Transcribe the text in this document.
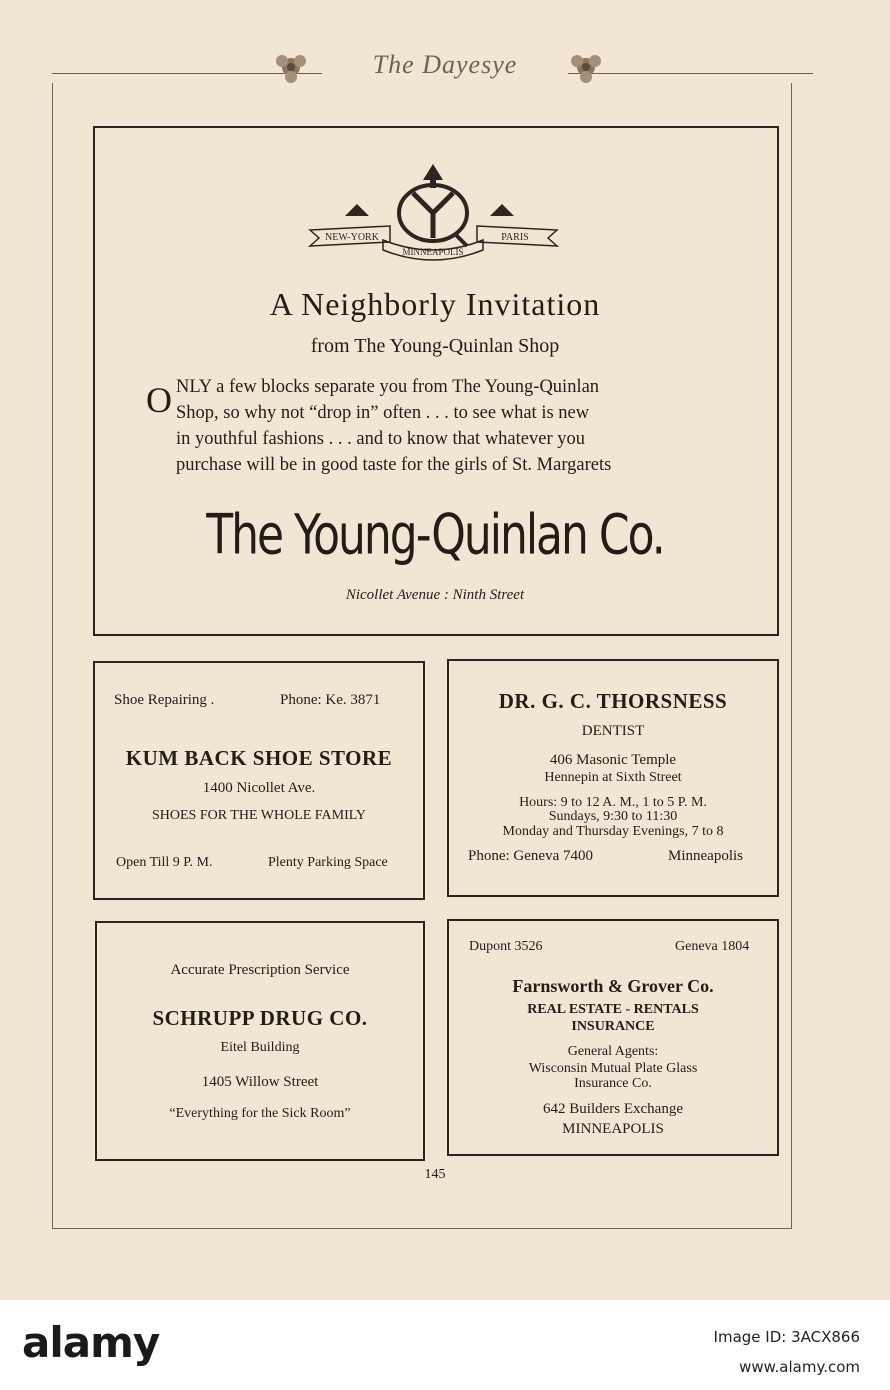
The Dayesye
NEW-YORK	PARIS
MINNEAPOLIS
YQ
A Neighborly Invitation
from The Young-Quinlan Shop
O NLY a few blocks separate you from The Young-Quinlan
Shop, so why not “drop in” often . . . to see what is new
in youthful fashions . . . and to know that whatever you
purchase will be in good taste for the girls of St. Margarets
The Young-Quinlan Co.
Nicollet Avenue : Ninth Street
Shoe Repairing .	Phone: Ke. 3871
KUM BACK SHOE STORE
1400 Nicollet Ave.
SHOES FOR THE WHOLE FAMILY
Open Till 9 P. M.	Plenty Parking Space
DR. G. C. THORSNESS
DENTIST
406 Masonic Temple
Hennepin at Sixth Street
Hours: 9 to 12 A. M., 1 to 5 P. M.
Sundays, 9:30 to 11:30
Monday and Thursday Evenings, 7 to 8
Phone: Geneva 7400	Minneapolis
Accurate Prescription Service
SCHRUPP DRUG CO.
Eitel Building
1405 Willow Street
“Everything for the Sick Room”
Dupont 3526	Geneva 1804
Farnsworth & Grover Co.
REAL ESTATE - RENTALS
INSURANCE
General Agents:
Wisconsin Mutual Plate Glass
Insurance Co.
642 Builders Exchange
MINNEAPOLIS
145
alamy	Image ID: 3ACX866
www.alamy.com
